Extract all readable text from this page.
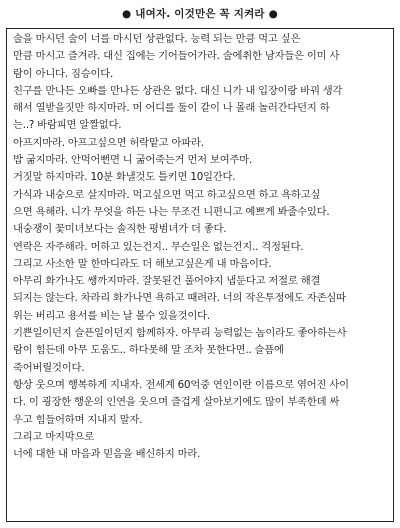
● 내여자. 이것만은 꼭 지켜라 ●
술을 마시던 술이 너를 마시던 상관없다. 능력 되는 만큼 먹고 싶은
만큼 마시고 즐겨라. 대신 집에는 기어들어가라. 술에취한 남자들은 이미 사
람이 아니다. 짐승이다.
친구를 만나든 오빠를 만나든 상관은 없다. 대신 니가 내 입장이랑 바꿔 생각
해서 열받을짓만 하지마라. 머 어디를 둘이 같이 나 몰래 놀러간다던지 하
는..? 바람피면 알짤없다.
아프지마라. 아프고싶으면 허락맡고 아파라.
밥 굶지마라. 안먹어뻔면 니 굶어죽는거 먼저 보여주마.
거짓말 하지마라. 10분 화낼것도 틀키면 10일간다.
가식과 내숭으로 살지마라. 먹고싶으면 먹고 하고싶으면 하고 욕하고싶
으면 욕해라. 니가 무엇을 하든 나는 무조건 니편니고 예쁘게 봐줄수있다.
내숭쟁이 꽃미녀보다는 솔직한 평범녀가 더 좋다.
연락은 자주해라. 머하고 있는건지.. 무슨일은 없는건지.. 걱정된다.
그리고 사소한 말 한마디라도 더 해보고싶은게 내 마음이다.
아무리 화가나도 쌩까지마라. 잘못된건 풀어야지 냅둔다고 저절로 해결
되지는 않는다. 차라리 화가나면 욕하고 때려라. 너의 작은투정에도 자존심따
위는 버리고 용서를 비는 날 볼수 있을것이다.
기쁜일이던지 슬픈일이던지 함께하자. 아무리 능력없는 놈이라도 좋아하는사
람이 힘든데 아무 도움도.. 하다못해 말 조차 못한다면.. 슬픔에
죽어버릴것이다.
항상 웃으며 행복하게 지내자. 전세계 60억중 연인이란 이름으로 엮어진 사이
다. 이 굉장한 행운의 인연을 웃으며 즐겁게 살아보기에도 많이 부족한데 싸
우고 힘들어하며 지내지 말자.
그리고 마지막으로
너에 대한 내 마음과 믿음을 배신하지 마라.
